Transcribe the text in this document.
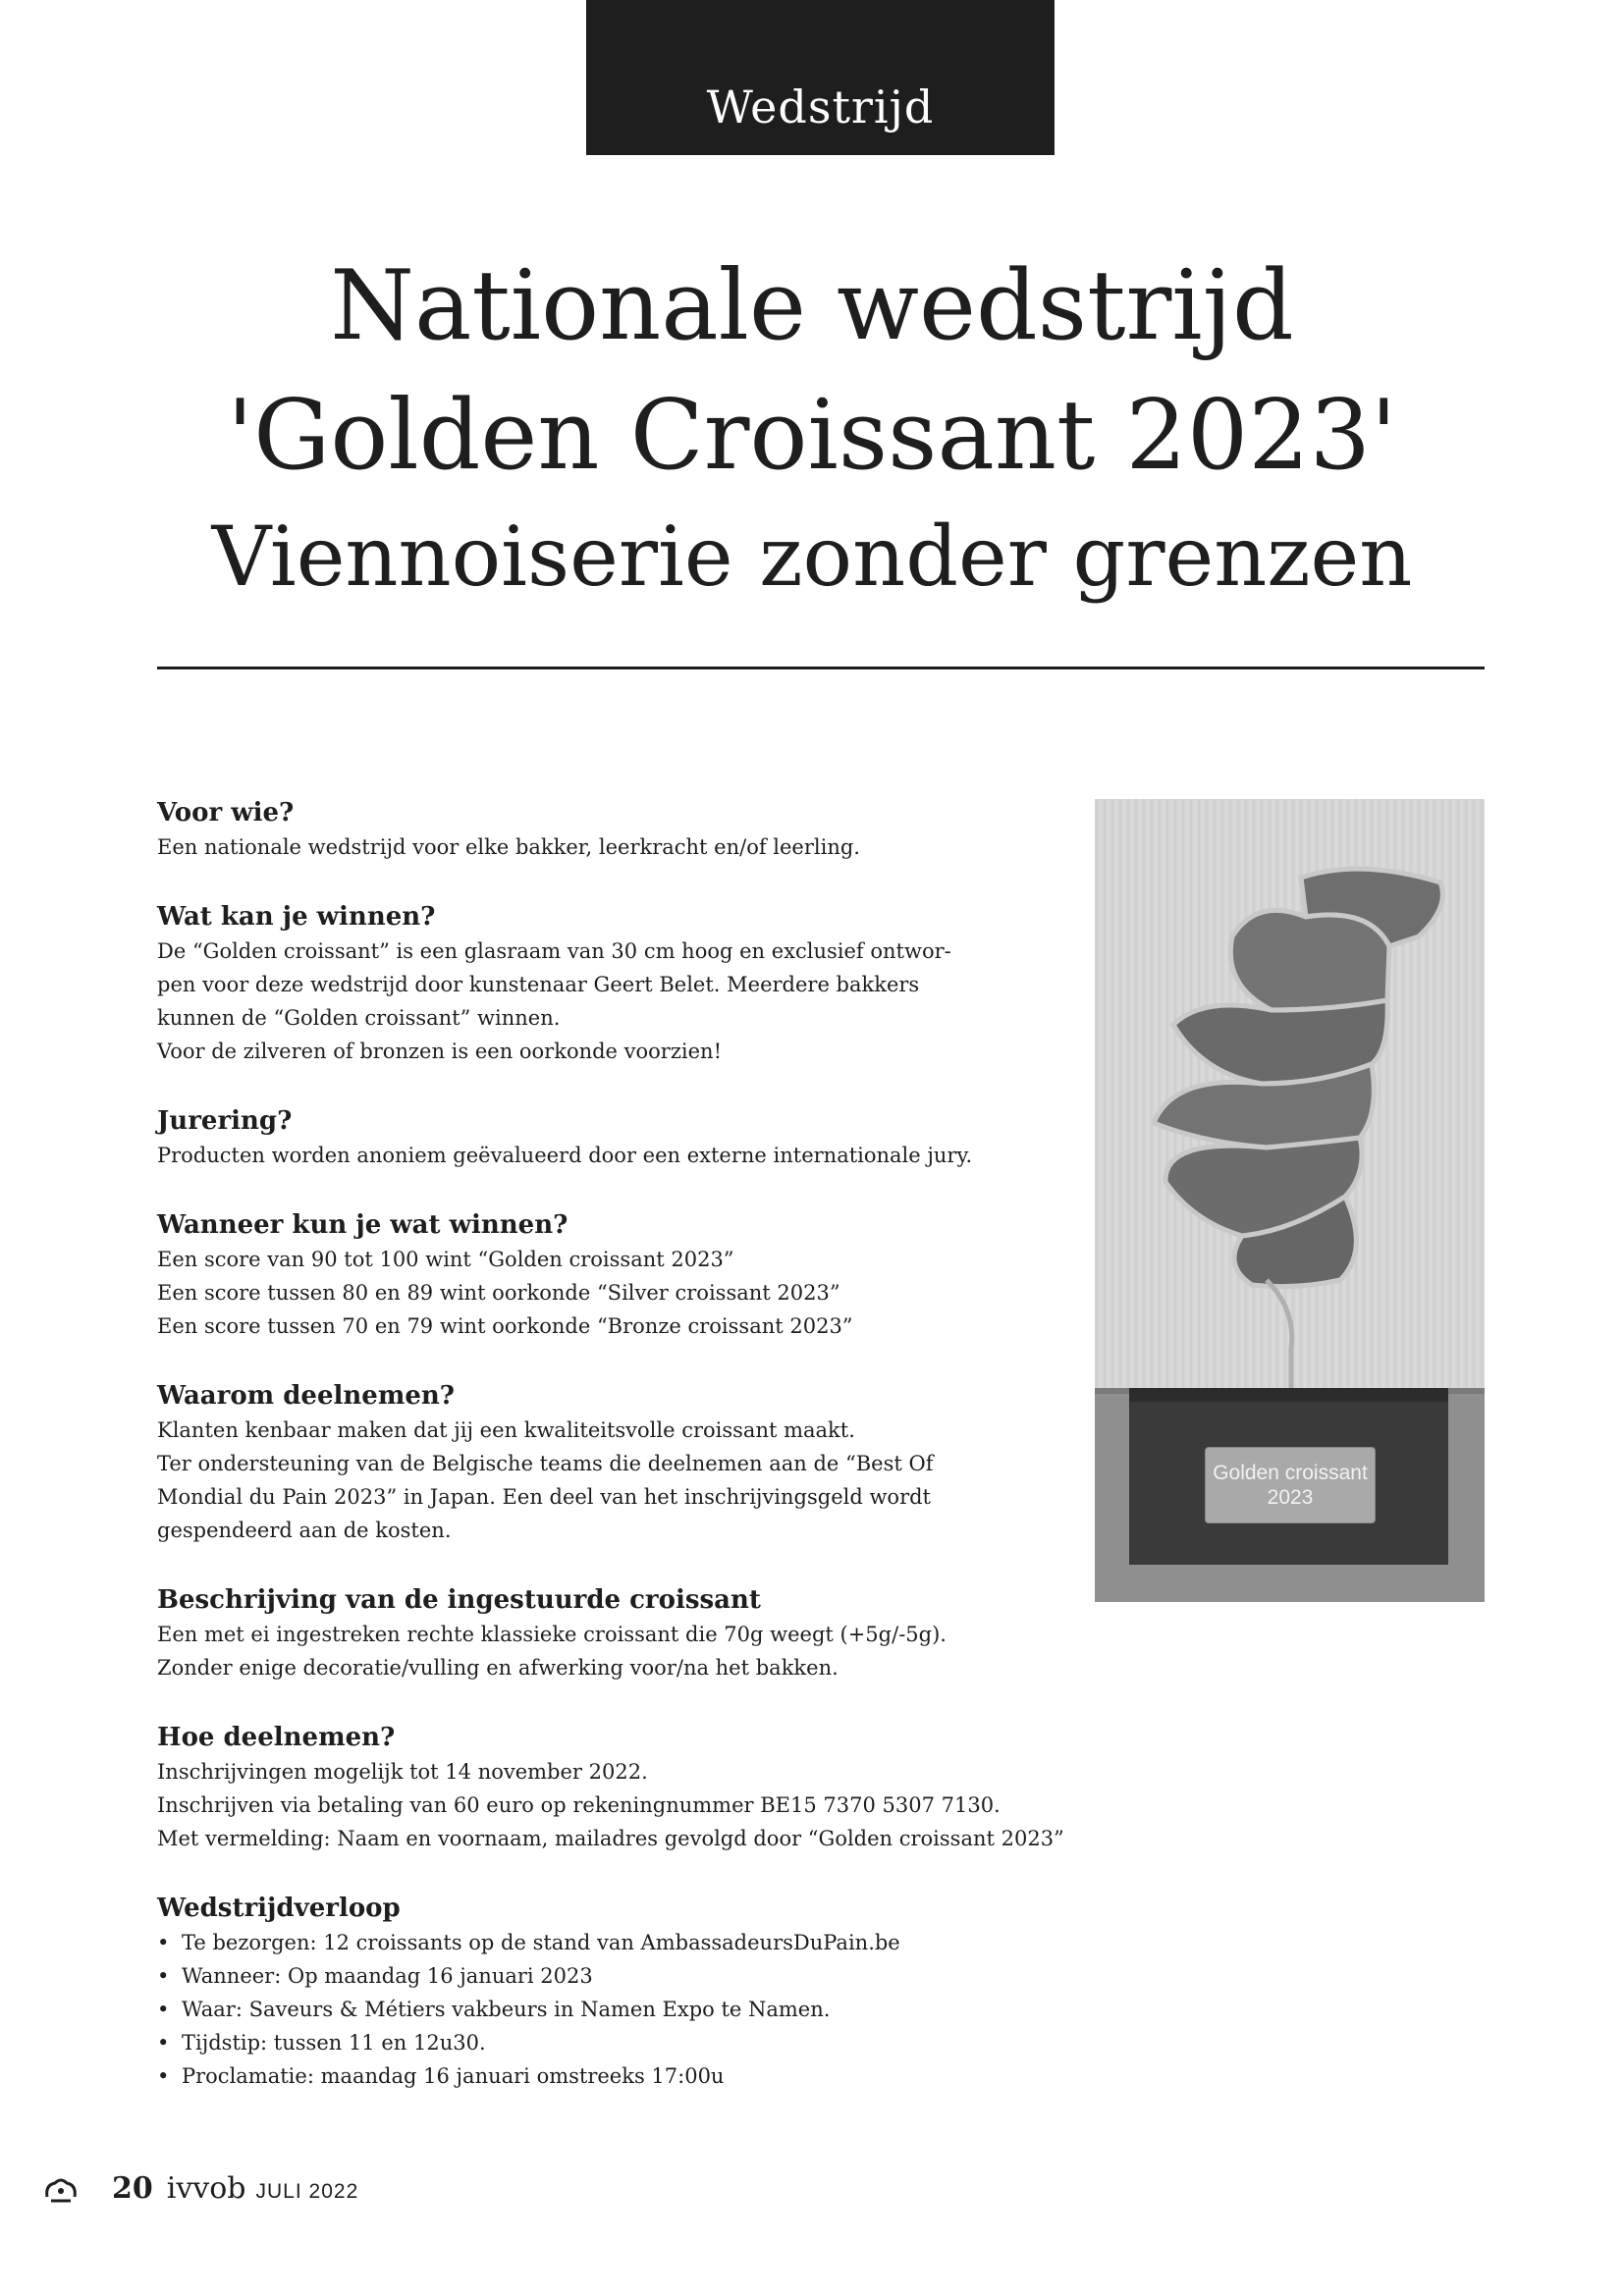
Wedstrijd
Nationale wedstrijd
'Golden Croissant 2023'
Viennoiserie zonder grenzen
Voor wie?
Een nationale wedstrijd voor elke bakker, leerkracht en/of leerling.
Wat kan je winnen?
De “Golden croissant” is een glasraam van 30 cm hoog en exclusief ontwor-
pen voor deze wedstrijd door kunstenaar Geert Belet. Meerdere bakkers
kunnen de “Golden croissant” winnen.
Voor de zilveren of bronzen is een oorkonde voorzien!
Jurering?
Producten worden anoniem geëvalueerd door een externe internationale jury.
Wanneer kun je wat winnen?
Een score van 90 tot 100 wint “Golden croissant 2023”
Een score tussen 80 en 89 wint oorkonde “Silver croissant 2023”
Een score tussen 70 en 79 wint oorkonde “Bronze croissant 2023”
Waarom deelnemen?
Klanten kenbaar maken dat jij een kwaliteitsvolle croissant maakt.
Ter ondersteuning van de Belgische teams die deelnemen aan de “Best Of
Mondial du Pain 2023” in Japan. Een deel van het inschrijvingsgeld wordt
gespendeerd aan de kosten.
Beschrijving van de ingestuurde croissant
Een met ei ingestreken rechte klassieke croissant die 70g weegt (+5g/-5g).
Zonder enige decoratie/vulling en afwerking voor/na het bakken.
Hoe deelnemen?
Inschrijvingen mogelijk tot 14 november 2022.
Inschrijven via betaling van 60 euro op rekeningnummer BE15 7370 5307 7130.
Met vermelding: Naam en voornaam, mailadres gevolgd door “Golden croissant 2023”
Wedstrijdverloop
• Te bezorgen: 12 croissants op de stand van AmbassadeursDuPain.be
• Wanneer: Op maandag 16 januari 2023
• Waar: Saveurs & Métiers vakbeurs in Namen Expo te Namen.
• Tijdstip: tussen 11 en 12u30.
• Proclamatie: maandag 16 januari omstreeks 17:00u
Golden croissant
2023
20 ivvob JULI 2022
